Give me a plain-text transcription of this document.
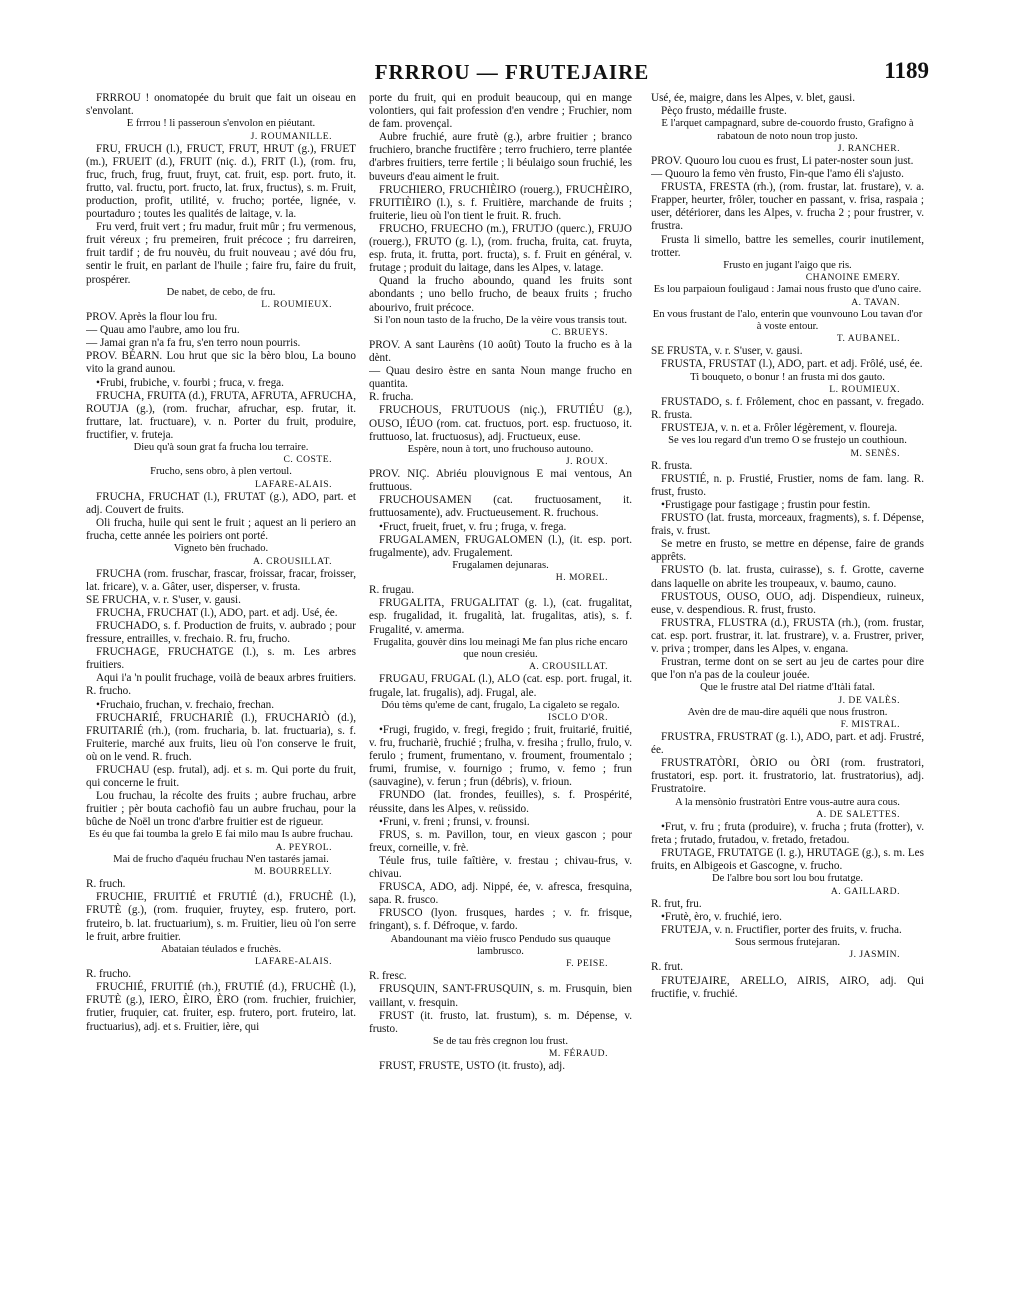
FRRROU — FRUTEJAIRE	1189

FRRROU ! onomatopée du bruit que fait un oiseau en s'envolant.

E frrrou ! li passeroun s'envolon en piéutant.

J. ROUMANILLE.

FRU, FRUCH (l.), FRUCT, FRUT, HRUT (g.), FRUET (m.), FRUEIT (d.), FRUIT (niç. d.), FRIT (l.), (rom. fru, fruc, fruch, frug, fruut, fruyt, cat. fruit, esp. port. fruto, it. frutto, val. fructu, port. fructo, lat. frux, fructus), s. m. Fruit, production, profit, utilité, v. frucho; portée, lignée, v. pourtaduro ; toutes les qualités de laitage, v. la.

Fru verd, fruit vert ; fru madur, fruit mûr ; fru vermenous, fruit véreux ; fru premeiren, fruit précoce ; fru darreiren, fruit tardif ; de fru nouvèu, du fruit nouveau ; avé dóu fru, sentir le fruit, en parlant de l'huile ; faire fru, faire du fruit, prospérer.

De nabet, de cebo, de fru.

L. ROUMIEUX.

PROV. Après la flour lou fru.

— Quau amo l'aubre, amo lou fru.

— Jamai gran n'a fa fru, s'en terro noun pourris.

PROV. BÉARN. Lou hrut que sic la bèro blou, La bouno vito la grand aunou.

•Frubi, frubiche, v. fourbi ; fruca, v. frega.

FRUCHA, FRUITA (d.), FRUTA, AFRUTA, AFRUCHA, ROUTJA (g.), (rom. fruchar, afruchar, esp. frutar, it. fruttare, lat. fructuare), v. n. Porter du fruit, produire, fructifier, v. fruteja.

Dieu qu'à soun grat fa frucha lou terraire.

C. COSTE.

Frucho, sens obro, à plen vertoul.

LAFARE-ALAIS.

FRUCHA, FRUCHAT (l.), FRUTAT (g.), ADO, part. et adj. Couvert de fruits.

Oli frucha, huile qui sent le fruit ; aquest an li periero an frucha, cette année les poiriers ont porté.

Vigneto bèn fruchado.

A. CROUSILLAT.

FRUCHA (rom. fruschar, frascar, froissar, fracar, froisser, lat. fricare), v. a. Gâter, user, disperser, v. frusta.

SE FRUCHA, v. r. S'user, v. gausi.

FRUCHA, FRUCHAT (l.), ADO, part. et adj. Usé, ée.

FRUCHADO, s. f. Production de fruits, v. aubrado ; pour fressure, entrailles, v. frechaio. R. fru, frucho.

FRUCHAGE, FRUCHATGE (l.), s. m. Les arbres fruitiers.

Aqui i'a 'n poulit fruchage, voilà de beaux arbres fruitiers. R. frucho.

•Fruchaio, fruchan, v. frechaio, frechan.

FRUCHARIÉ, FRUCHARIÈ (l.), FRUCHARIÒ (d.), FRUITARIÉ (rh.), (rom. frucharia, b. lat. fructuaria), s. f. Fruiterie, marché aux fruits, lieu où l'on conserve le fruit, où on le vend. R. fruch.

FRUCHAU (esp. frutal), adj. et s. m. Qui porte du fruit, qui concerne le fruit.

Lou fruchau, la récolte des fruits ; aubre fruchau, arbre fruitier ; pèr bouta cachofiò fau un aubre fruchau, pour la bûche de Noël un tronc d'arbre fruitier est de rigueur.

Es éu que fai toumba la grelo E fai milo mau Is aubre fruchau.

A. PEYROL.

Mai de frucho d'aquéu fruchau N'en tastarés jamai.

M. BOURRELLY.

R. fruch.

FRUCHIE, FRUITIÉ et FRUTIÉ (d.), FRUCHÈ (l.), FRUTÈ (g.), (rom. fruquier, fruytey, esp. frutero, port. fruteiro, b. lat. fructuarium), s. m. Fruitier, lieu où l'on serre le fruit, arbre fruitier.

Abataian téulados e fruchès.

LAFARE-ALAIS.

R. frucho.

FRUCHIÉ, FRUITIÉ (rh.), FRUTIÉ (d.), FRUCHÈ (l.), FRUTÈ (g.), IERO, ÈIRO, ÈRO (rom. fruchier, fruichier, frutier, fruquier, cat. fruiter, esp. frutero, port. fruteiro, lat. fructuarius), adj. et s. Fruitier, ière, qui

porte du fruit, qui en produit beaucoup, qui en mange volontiers, qui fait profession d'en vendre ; Fruchier, nom de fam. provençal.

Aubre fruchié, aure frutè (g.), arbre fruitier ; branco fruchiero, branche fructifère ; terro fruchiero, terre plantée d'arbres fruitiers, terre fertile ; li béulaigo soun fruchié, les buveurs d'eau aiment le fruit.

FRUCHIERO, FRUCHIÈIRO (rouerg.), FRUCHÈIRO, FRUITIÈIRO (l.), s. f. Fruitière, marchande de fruits ; fruiterie, lieu où l'on tient le fruit. R. fruch.

FRUCHO, FRUECHO (m.), FRUTJO (querc.), FRUJO (rouerg.), FRUTO (g. l.), (rom. frucha, fruita, cat. fruyta, esp. fruta, it. frutta, port. fructa), s. f. Fruit en général, v. frutage ; produit du laitage, dans les Alpes, v. latage.

Quand la frucho aboundo, quand les fruits sont abondants ; uno bello frucho, de beaux fruits ; frucho abourivo, fruit précoce.

Si l'on noun tasto de la frucho, De la vèire vous transis tout.

C. BRUEYS.

PROV. A sant Laurèns (10 août) Touto la frucho es à la dènt.

— Quau desiro èstre en santa Noun mange frucho en quantita.

R. frucha.

FRUCHOUS, FRUTUOUS (niç.), FRUTIÉU (g.), OUSO, IÉUO (rom. cat. fructuos, port. esp. fructuoso, it. fruttuoso, lat. fructuosus), adj. Fructueux, euse.

Espère, noun à tort, uno fruchouso autouno.

J. ROUX.

PROV. NIÇ. Abriéu plouvignous E mai ventous, An fruttuous.

FRUCHOUSAMEN (cat. fructuosament, it. fruttuosamente), adv. Fructueusement. R. fruchous.

•Fruct, frueit, fruet, v. fru ; fruga, v. frega.

FRUGALAMEN, FRUGALOMEN (l.), (it. esp. port. frugalmente), adv. Frugalement.

Frugalamen dejunaras.

H. MOREL.

R. frugau.

FRUGALITA, FRUGALITAT (g. l.), (cat. frugalitat, esp. frugalidad, it. frugalità, lat. frugalitas, atis), s. f. Frugalité, v. amerma.

Frugalita, gouvèr dins lou meinagi Me fan plus riche encaro que noun cresiéu.

A. CROUSILLAT.

FRUGAU, FRUGAL (l.), ALO (cat. esp. port. frugal, it. frugale, lat. frugalis), adj. Frugal, ale.

Dóu tèms qu'eme de cant, frugalo, La cigaleto se regalo.

ISCLO D'OR.

•Frugi, frugido, v. fregi, fregido ; fruit, fruitarié, fruitié, v. fru, fruchariè, fruchié ; frulha, v. fresiha ; frullo, frulo, v. ferulo ; frument, frumentano, v. froument, froumentalo ; frumi, frumise, v. fournigo ; frumo, v. femo ; frun (sauvagine), v. ferun ; frun (débris), v. frioun.

FRUNDO (lat. frondes, feuilles), s. f. Prospérité, réussite, dans les Alpes, v. reüssido.

•Fruni, v. freni ; frunsi, v. frounsi.

FRUS, s. m. Pavillon, tour, en vieux gascon ; pour freux, corneille, v. frè.

Téule frus, tuile faîtière, v. frestau ; chivau-frus, v. chivau.

FRUSCA, ADO, adj. Nippé, ée, v. afresca, fresquina, sapa. R. frusco.

FRUSCO (lyon. frusques, hardes ; v. fr. frisque, fringant), s. f. Défroque, v. fardo.

Abandounant ma vièio frusco Pendudo sus quauque lambrusco.

F. PEISE.

R. fresc.

FRUSQUIN, SANT-FRUSQUIN, s. m. Frusquin, bien vaillant, v. fresquin.

FRUST (it. frusto, lat. frustum), s. m. Dépense, v. frusto.

Se de tau frès cregnon lou frust.

M. FÉRAUD.

FRUST, FRUSTE, USTO (it. frusto), adj.

Usé, ée, maigre, dans les Alpes, v. blet, gausi.

Pèço frusto, médaille fruste.

E l'arquet campagnard, subre de-couordo frusto, Grafigno à rabatoun de noto noun trop justo.

J. RANCHER.

PROV. Quouro lou cuou es frust, Li pater-noster soun just.

— Quouro la femo vèn frusto, Fin-que l'amo éli s'ajusto.

FRUSTA, FRESTA (rh.), (rom. frustar, lat. frustare), v. a. Frapper, heurter, frôler, toucher en passant, v. frisa, raspaia ; user, détériorer, dans les Alpes, v. frucha 2 ; pour frustrer, v. frustra.

Frusta li simello, battre les semelles, courir inutilement, trotter.

Frusto en jugant l'aigo que ris.

CHANOINE EMERY.

Es lou parpaioun fouligaud : Jamai nous frusto que d'uno caire.

A. TAVAN.

En vous frustant de l'alo, enterin que vounvouno Lou tavan d'or à voste entour.

T. AUBANEL.

SE FRUSTA, v. r. S'user, v. gausi.

FRUSTA, FRUSTAT (l.), ADO, part. et adj. Frôlé, usé, ée.

Ti bouqueto, o bonur ! an frusta mi dos gauto.

L. ROUMIEUX.

FRUSTADO, s. f. Frôlement, choc en passant, v. fregado. R. frusta.

FRUSTEJA, v. n. et a. Frôler légèrement, v. floureja.

Se ves lou regard d'un tremo O se frustejo un couthioun.

M. SENÈS.

R. frusta.

FRUSTIÉ, n. p. Frustié, Frustier, noms de fam. lang. R. frust, frusto.

•Frustigage pour fastigage ; frustin pour festin.

FRUSTO (lat. frusta, morceaux, fragments), s. f. Dépense, frais, v. frust.

Se metre en frusto, se mettre en dépense, faire de grands apprêts.

FRUSTO (b. lat. frusta, cuirasse), s. f. Grotte, caverne dans laquelle on abrite les troupeaux, v. baumo, cauno.

FRUSTOUS, OUSO, OUO, adj. Dispendieux, ruineux, euse, v. despendious. R. frust, frusto.

FRUSTRA, FLUSTRA (d.), FRUSTA (rh.), (rom. frustar, cat. esp. port. frustrar, it. lat. frustrare), v. a. Frustrer, priver, v. priva ; tromper, dans les Alpes, v. engana.

Frustran, terme dont on se sert au jeu de cartes pour dire que l'on n'a pas de la couleur jouée.

Que le frustre atal Del riatme d'Itàli fatal.

J. DE VALÈS.

Avèn dre de mau-dire aquéli que nous frustron.

F. MISTRAL.

FRUSTRA, FRUSTRAT (g. l.), ADO, part. et adj. Frustré, ée.

FRUSTRATÒRI, ÒRIO ou ÒRI (rom. frustratori, frustatori, esp. port. it. frustratorio, lat. frustratorius), adj. Frustratoire.

A la mensònio frustratòri Entre vous-autre aura cous.

A. DE SALETTES.

•Frut, v. fru ; fruta (produire), v. frucha ; fruta (frotter), v. freta ; frutado, frutadou, v. fretado, fretadou.

FRUTAGE, FRUTATGE (l. g.), HRUTAGE (g.), s. m. Les fruits, en Albigeois et Gascogne, v. frucho.

De l'albre bou sort lou bou frutatge.

A. GAILLARD.

R. frut, fru.

•Frutè, èro, v. fruchié, iero.

FRUTEJA, v. n. Fructifier, porter des fruits, v. frucha.

Sous sermous frutejaran.

J. JASMIN.

R. frut.

FRUTEJAIRE, ARELLO, AIRIS, AIRO, adj. Qui fructifie, v. fruchié.
